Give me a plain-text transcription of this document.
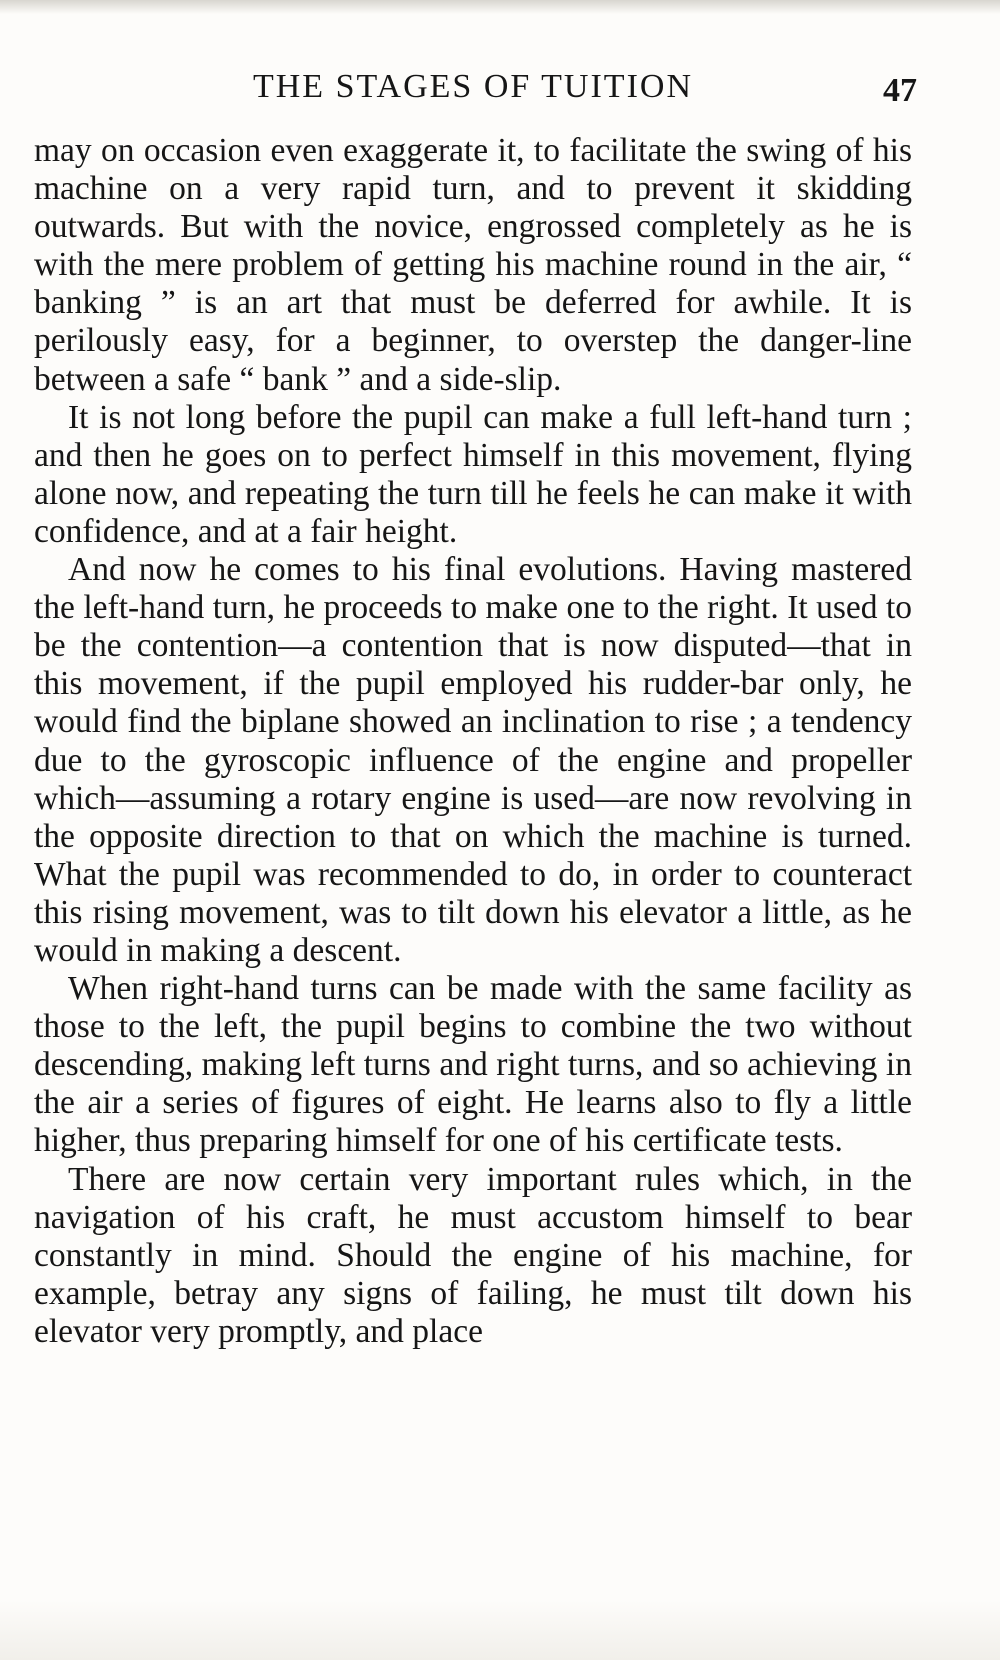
THE STAGES OF TUITION	47

may on occasion even exaggerate it, to facilitate the swing of his machine on a very rapid turn, and to prevent it skidding outwards. But with the novice, engrossed completely as he is with the mere problem of getting his machine round in the air, “ banking ” is an art that must be deferred for awhile. It is perilously easy, for a beginner, to overstep the danger-line between a safe “ bank ” and a side-slip.

It is not long before the pupil can make a full left-hand turn ; and then he goes on to perfect himself in this movement, flying alone now, and repeating the turn till he feels he can make it with confidence, and at a fair height.

And now he comes to his final evolutions. Having mastered the left-hand turn, he proceeds to make one to the right. It used to be the contention—a contention that is now disputed—that in this movement, if the pupil employed his rudder-bar only, he would find the biplane showed an inclination to rise ; a tendency due to the gyroscopic influence of the engine and propeller which—assuming a rotary engine is used—are now revolving in the opposite direction to that on which the machine is turned. What the pupil was recommended to do, in order to counteract this rising movement, was to tilt down his elevator a little, as he would in making a descent.

When right-hand turns can be made with the same facility as those to the left, the pupil begins to combine the two without descending, making left turns and right turns, and so achieving in the air a series of figures of eight. He learns also to fly a little higher, thus preparing himself for one of his certificate tests.

There are now certain very important rules which, in the navigation of his craft, he must accustom himself to bear constantly in mind. Should the engine of his machine, for example, betray any signs of failing, he must tilt down his elevator very promptly, and place
